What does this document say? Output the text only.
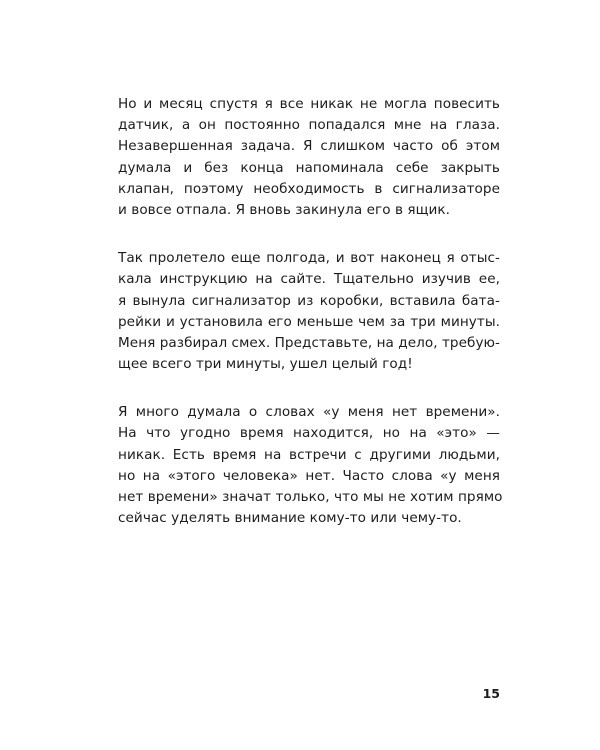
Но и месяц спустя я все никак не могла повесить
датчик, а он постоянно попадался мне на глаза.
Незавершенная задача. Я слишком часто об этом
думала и без конца напоминала себе закрыть
клапан, поэтому необходимость в сигнализаторе
и вовсе отпала. Я вновь закинула его в ящик.

Так пролетело еще полгода, и вот наконец я отыс-
кала инструкцию на сайте. Тщательно изучив ее,
я вынула сигнализатор из коробки, вставила бата-
рейки и установила его меньше чем за три минуты.
Меня разбирал смех. Представьте, на дело, требую-
щее всего три минуты, ушел целый год!

Я много думала о словах «у меня нет времени».
На что угодно время находится, но на «это» —
никак. Есть время на встречи с другими людьми,
но на «этого человека» нет. Часто слова «у меня
нет времени» значат только, что мы не хотим прямо
сейчас уделять внимание кому-то или чему-то.

15
